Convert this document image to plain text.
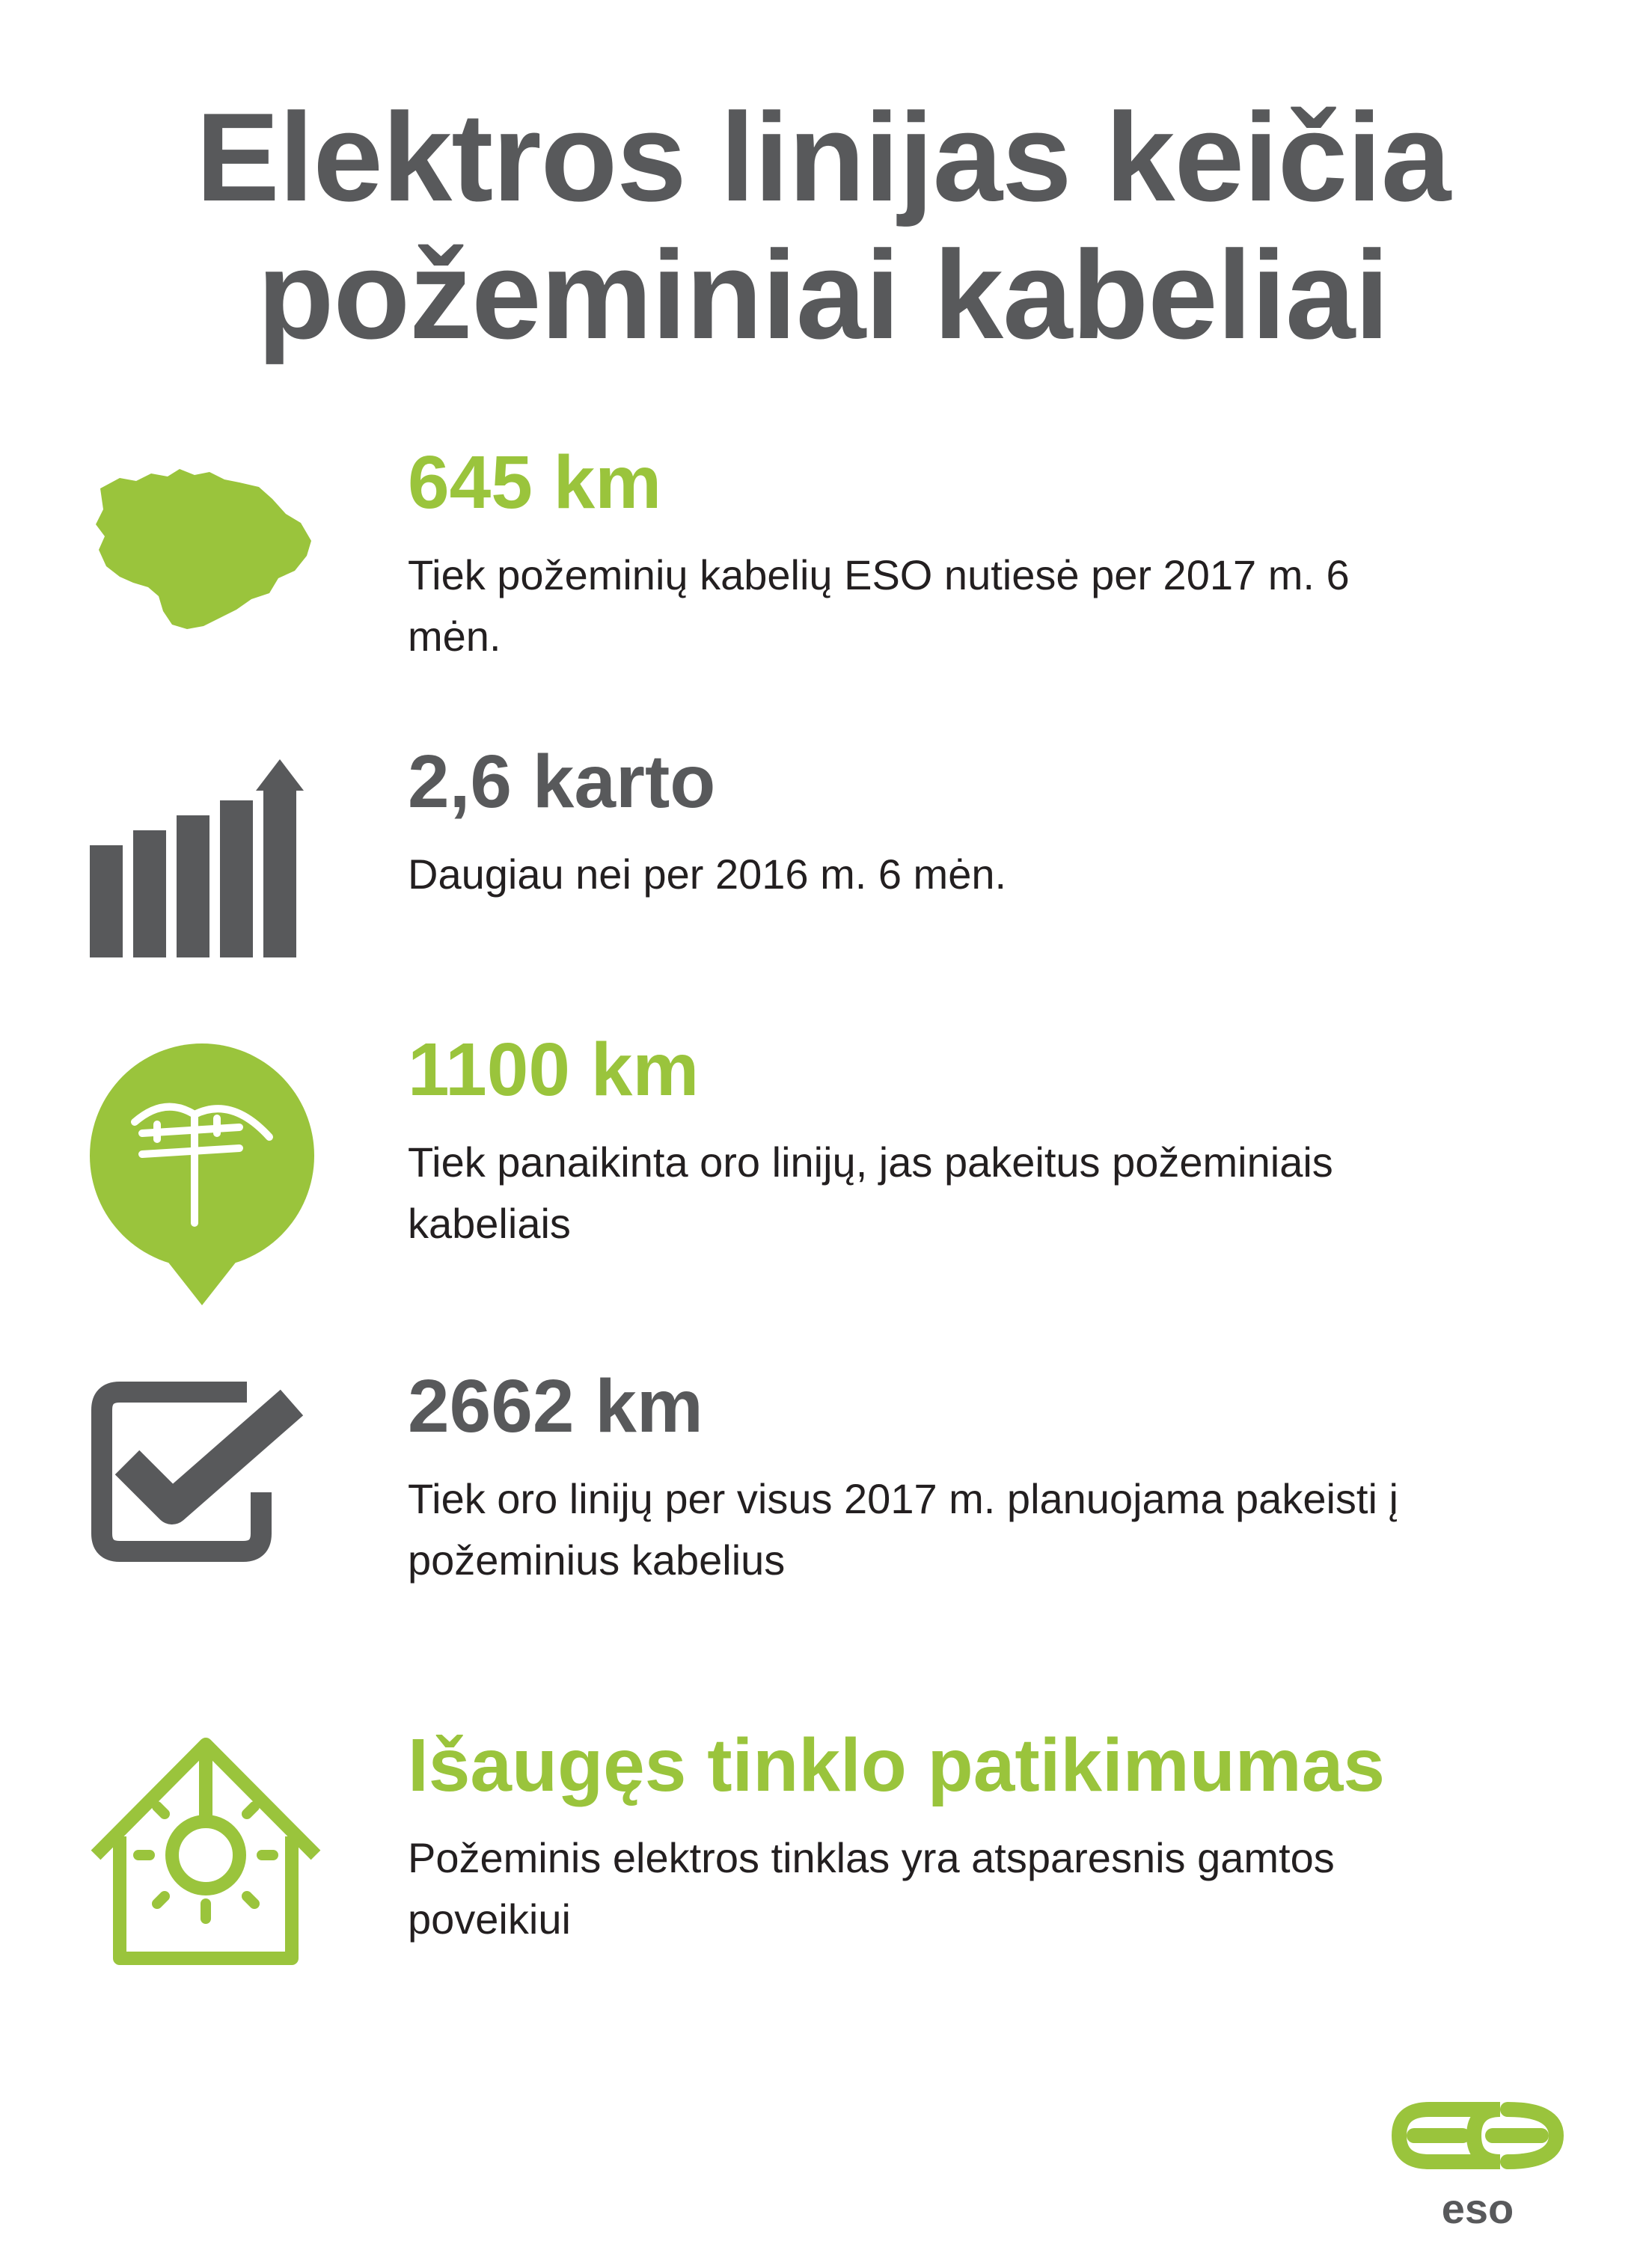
Elektros linijas keičia
požeminiai kabeliai
645 km
Tiek požeminių kabelių ESO nutiesė per 2017 m. 6
mėn.
2,6 karto
Daugiau nei per 2016 m. 6 mėn.
1100 km
Tiek panaikinta oro linijų, jas pakeitus požeminiais
kabeliais
2662 km
Tiek oro linijų per visus 2017 m. planuojama pakeisti į
požeminius kabelius
Išaugęs tinklo patikimumas
Požeminis elektros tinklas yra atsparesnis gamtos
poveikiui
eso
